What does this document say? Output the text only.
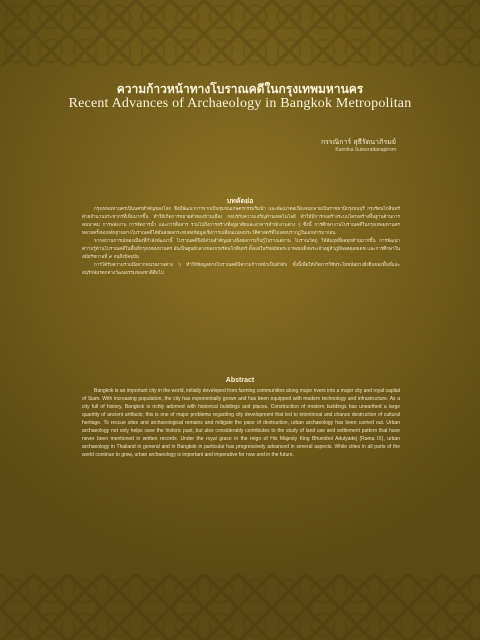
ความก้าวหน้าทางโบราณคดีในกรุงเทพมหานคร
Recent Advances of Archaeology in Bangkok Metropolitan
กรรณิการ์ สุธีรัตนาภิรมย์
Kannika Suteerattanapirom
บทคัดย่อ

กรุงเทพมหานครเป็นนครสำคัญของโลก ซึ่งมีพัฒนาการจากเป็นชุมชนเกษตรกรรมริมน้ำ และพัฒนาต่อเนื่องจนกลายเป็นราชธานีกรุงธนบุรี กรุงรัตนโกสินทร์ ด้วยจำนวนประชากรที่เพิ่มมากขึ้น ทำให้เกิดการขยายตัวของบ้านเมือง กอปรกับความเจริญด้านเทคโนโลยี ทำให้มีการก่อสร้างระบบโครงสร้างพื้นฐานด้านการคมนาคม การพลังงาน การจัดการน้ำ และการสื่อสาร รวมไปถึงการสร้างที่อยู่อาศัยและอาคารสำนักงานต่าง ๆ ซึ่งนี้ การศึกษางานโบราณคดีในกรุงเทพมหานครหลายครั้งพบหลักฐานทางโบราณคดีได้อันส่งผลกระทบต่อข้อมูลเชิงการเปลี่ยนแปลงประวัติศาสตร์ที่ไม่เคยปรากฏในเอกสารมาก่อน

จากสถานการณ์ของเมืองที่กำลังพัฒนานี้ โบราณคดีจึงมีส่วนสำคัญอย่างยิ่งต่อการเก็บกู้โบราณสถาน โบราณวัตถุ ให้สัมฤทธิ์ผลทุกด้านมากขึ้น การพัฒนาความรู้ด้านโบราณคดีในพื้นที่กรุงเทพมหานคร อันเป็นศูนย์กลางของกรุงรัตนโกสินทร์ ตั้งแต่ในรัชสมัยพระบาทสมเด็จพระเจ้าอยู่หัวภูมิพลอดุลยเดช และการศึกษาในสมัยรัชกาลที่ ๙ จนถึงปัจจุบัน

การได้รับความร่วมมือจากหน่วยงานต่าง ๆ ทำให้ข้อมูลทางโบราณคดีมีความก้าวหน้าเป็นลำดับ ทั้งนี้เพื่อให้เกิดการใช้ประโยชน์อย่างยั่งยืนของพื้นที่และอนุรักษ์มรดกทางวัฒนธรรมของชาติสืบไป

Abstract

Bangkok is an important city in the world, initially developed from farming communities along major rivers into a major city and royal capital of Siam. With increasing population, the city has exponentially grown and has been equipped with modern technology and infrastructure. As a city full of history, Bangkok is richly adorned with historical buildings and places. Construction of modern buildings has unearthed a large quantity of ancient artifacts; this is one of major problems regarding city development that led to intentional and chance destruction of cultural heritage. To rescue sites and archaeological remains and mitigate the pace of destruction, urban archaeology has been carried out. Urban archaeology not only helps save the historic past, but also considerably contributes to the study of land use and settlement pattern that have never been mentioned in written records. Under the royal grace in the reign of His Majesty King Bhumibol Adulyadej (Rama IX), urban archaeology in Thailand in general and in Bangkok in particular has progressively advanced in several aspects. While cities in all parts of the world continue to grow, urban archaeology is important and imperative for now and in the future.
